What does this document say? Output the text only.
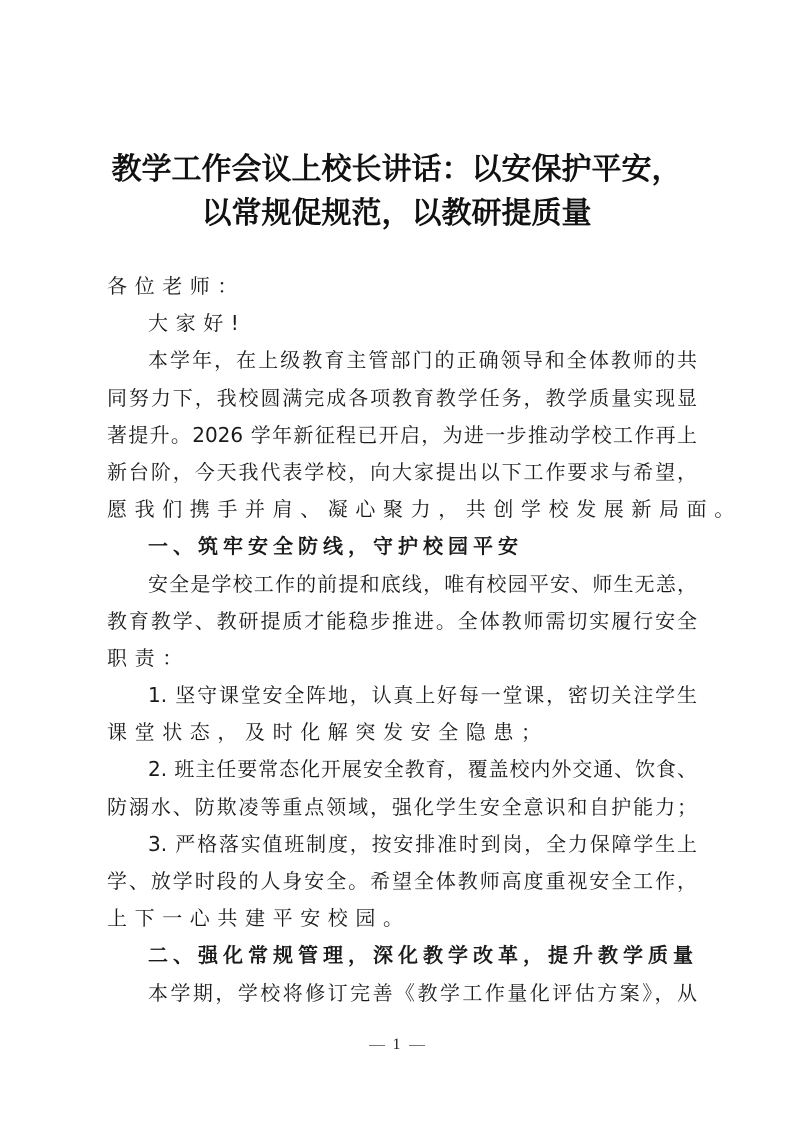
教学工作会议上校长讲话：以安保护平安，
以常规促规范，以教研提质量
各位老师：
大家好!
本学年，在上级教育主管部门的正确领导和全体教师的共
同努力下，我校圆满完成各项教育教学任务，教学质量实现显
著提升。2026 学年新征程已开启，为进一步推动学校工作再上
新台阶，今天我代表学校，向大家提出以下工作要求与希望，
愿我们携手并肩、凝心聚力，共创学校发展新局面。
一、筑牢安全防线，守护校园平安
安全是学校工作的前提和底线，唯有校园平安、师生无恙，
教育教学、教研提质才能稳步推进。全体教师需切实履行安全
职责：
1. 坚守课堂安全阵地，认真上好每一堂课，密切关注学生
课堂状态，及时化解突发安全隐患；
2. 班主任要常态化开展安全教育，覆盖校内外交通、饮食、
防溺水、防欺凌等重点领域，强化学生安全意识和自护能力；
3. 严格落实值班制度，按安排准时到岗，全力保障学生上
学、放学时段的人身安全。希望全体教师高度重视安全工作，
上下一心共建平安校园。
二、强化常规管理，深化教学改革，提升教学质量
本学期，学校将修订完善《教学工作量化评估方案》，从
1
